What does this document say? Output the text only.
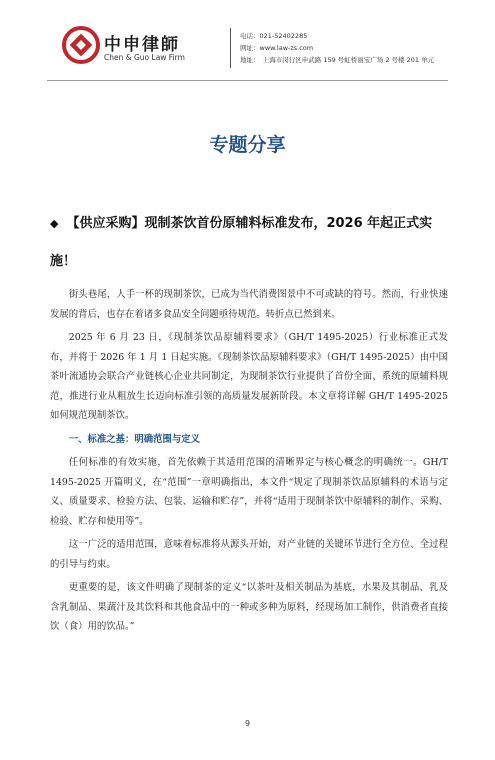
中申律師
Chen & Guo Law Firm
电话：021-52402285
网址：www.law-zs.com
地址：　上海市闵行区申武路 159 号虹桥丽宝广场 2 号楼 201 单元
专题分享
◆ 【供应采购】现制茶饮首份原辅料标准发布，2026 年起正式实施！

街头巷尾，人手一杯的现制茶饮，已成为当代消费图景中不可或缺的符号。然而，行业快速发展的背后，也存在着诸多食品安全问题亟待规范。转折点已然到来。

2025 年 6 月 23 日，《现制茶饮品原辅料要求》（GH/T 1495-2025）行业标准正式发布，并将于 2026 年 1 月 1 日起实施。《现制茶饮品原辅料要求》（GH/T 1495-2025）由中国茶叶流通协会联合产业链核心企业共同制定，为现制茶饮行业提供了首份全面、系统的原辅料规范，推进行业从粗放生长迈向标准引领的高质量发展新阶段。本文章将详解 GH/T 1495-2025 如何规范现制茶饮。

一、标准之基：明确范围与定义

任何标准的有效实施，首先依赖于其适用范围的清晰界定与核心概念的明确统一。GH/T 1495-2025 开篇明义，在“范围”一章明确指出，本文件“规定了现制茶饮品原辅料的术语与定义、质量要求、检验方法、包装、运输和贮存”，并将“适用于现制茶饮中原辅料的制作、采购、检验、贮存和使用等”。

这一广泛的适用范围，意味着标准将从源头开始，对产业链的关键环节进行全方位、全过程的引导与约束。

更重要的是，该文件明确了现制茶的定义“以茶叶及相关制品为基底，水果及其制品、乳及含乳制品、果蔬汁及其饮料和其他食品中的一种或多种为原料，经现场加工制作，供消费者直接饮（食）用的饮品。”

9
